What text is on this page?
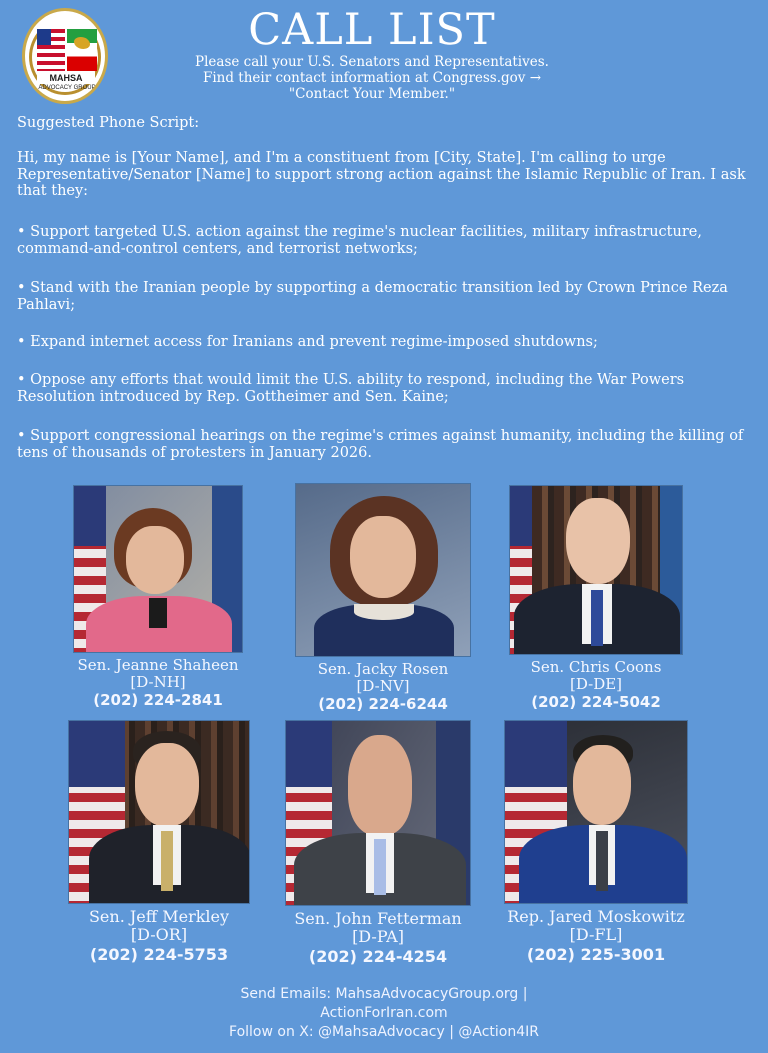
MAHSA
ADVOCACY GROUP
CALL LIST
Please call your U.S. Senators and Representatives.
Find their contact information at Congress.gov →
"Contact Your Member."
Suggested Phone Script:
Hi, my name is [Your Name], and I'm a constituent from [City, State]. I'm calling to urge Representative/Senator [Name] to support strong action against the Islamic Republic of Iran. I ask that they:
• Support targeted U.S. action against the regime's nuclear facilities, military infrastructure, command-and-control centers, and terrorist networks;
• Stand with the Iranian people by supporting a democratic transition led by Crown Prince Reza Pahlavi;
• Expand internet access for Iranians and prevent regime-imposed shutdowns;
• Oppose any efforts that would limit the U.S. ability to respond, including the War Powers Resolution introduced by Rep. Gottheimer and Sen. Kaine;
• Support congressional hearings on the regime's crimes against humanity, including the killing of tens of thousands of protesters in January 2026.
Sen. Jeanne Shaheen
[D-NH]
(202) 224-2841
Sen. Jacky Rosen
[D-NV]
(202) 224-6244
Sen. Chris Coons
[D-DE]
(202) 224-5042
Sen. Jeff Merkley
[D-OR]
(202) 224-5753
Sen. John Fetterman
[D-PA]
(202) 224-4254
Rep. Jared Moskowitz
[D-FL]
(202) 225-3001
Send Emails: MahsaAdvocacyGroup.org |
ActionForIran.com
Follow on X: @MahsaAdvocacy | @Action4IR
